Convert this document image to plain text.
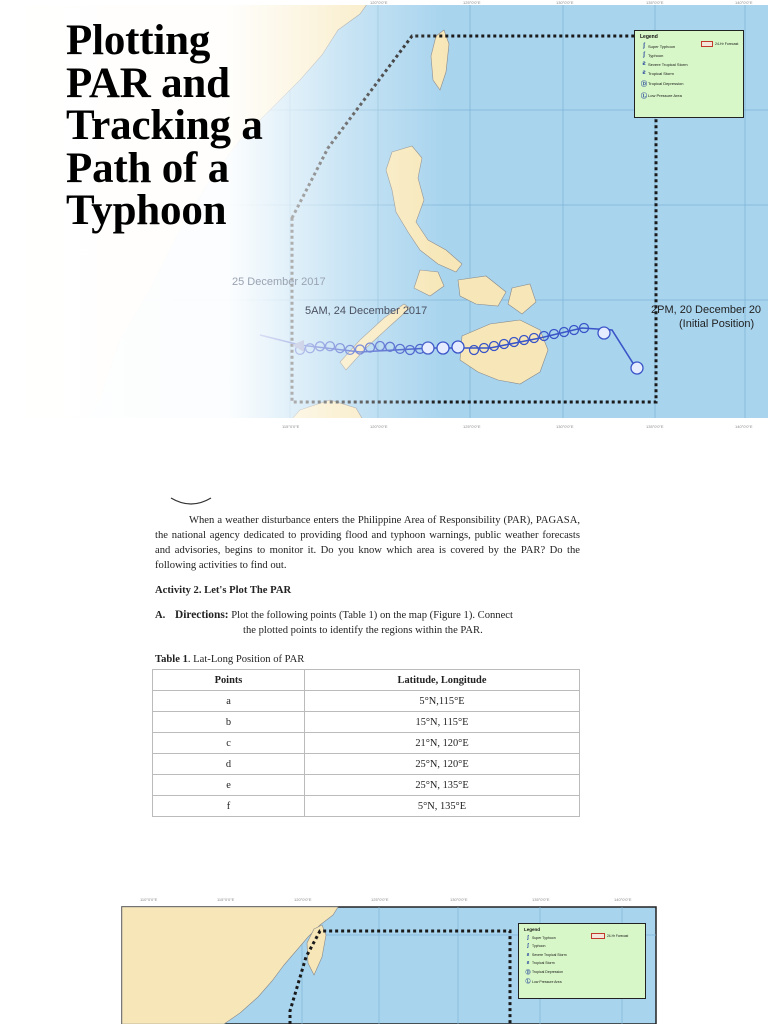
120°0'0"E	125°0'0"E	130°0'0"E	135°0'0"E	140°0'0"E
115°0'0"E	120°0'0"E	125°0'0"E	130°0'0"E	135°0'0"E	140°0'0"E
Legend
ʃ Super Typhoon
ʃ Typhoon
ƨ Severe Tropical Storm
ƨ Tropical Storm
Ⓓ Tropical Depression
Ⓛ Low Pressure Area
24-Hr Forecast
25 December 2017
5AM, 24 December 2017	2PM, 20 December 20
(Initial Position)
Plotting
PAR and
Tracking a
Path of a
Typhoon

When a weather disturbance enters the Philippine Area of Responsibility (PAR), PAGASA, the national agency dedicated to providing flood and typhoon warnings, public weather forecasts and advisories, begins to monitor it. Do you know which area is covered by the PAR? Do the following activities to find out.

Activity 2. Let's Plot The PAR
A. Directions: Plot the following points (Table 1) on the map (Figure 1). Connect
the plotted points to identify the regions within the PAR.
Table 1. Lat-Long Position of PAR
Points	Latitude, Longitude
a	5°N,115°E
b	15°N, 115°E
c	21°N, 120°E
d	25°N, 120°E
e	25°N, 135°E
f	5°N, 135°E
110°0'0"E	115°0'0"E	120°0'0"E	125°0'0"E	130°0'0"E	135°0'0"E	140°0'0"E
Legend
ʃ Super Typhoon
ʃ Typhoon
ƨ Severe Tropical Storm
ƨ Tropical Storm
Ⓓ Tropical Depression
Ⓛ Low Pressure Area
24-Hr Forecast
